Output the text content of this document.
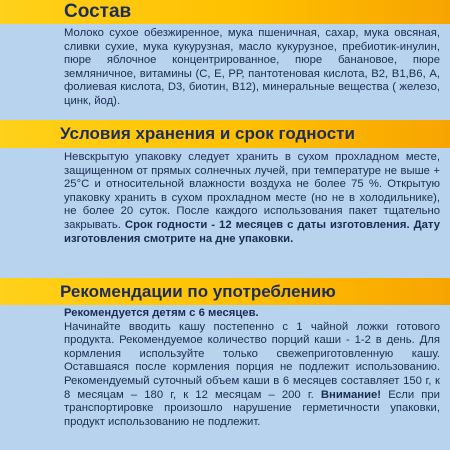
Состав

Молоко сухое обезжиренное, мука пшеничная, сахар, мука овсяная, сливки сухие, мука кукурузная, масло кукурузное, пребиотик-инулин, пюре яблочное концентрированное, пюре банановое, пюре земляничное, витамины (С, Е, РР, пантотеновая кислота, В2, В1,В6, А, фолиевая кислота, D3, биотин, В12), минеральные вещества ( железо, цинк, йод).

Условия хранения и срок годности

Невскрытую упаковку следует хранить в сухом прохладном месте, защищенном от прямых солнечных лучей, при температуре не выше + 25°С и относительной влажности воздуха не более 75 %. Открытую упаковку хранить в сухом прохладном месте (но не в холодильнике), не более 20 суток. После каждого использования пакет тщательно закрывать. Срок годности - 12 месяцев с даты изготовления. Дату изготовления смотрите на дне упаковки.

Рекомендации по употреблению

Рекомендуется детям с 6 месяцев.

Начинайте вводить кашу постепенно с 1 чайной ложки готового продукта. Рекомендуемое количество порций каши - 1-2 в день. Для кормления используйте только свежеприготовленную кашу. Оставшаяся после кормления порция не подлежит использованию. Рекомендуемый суточный объем каши в 6 месяцев составляет 150 г, к 8 месяцам – 180 г, к 12 месяцам – 200 г. Внимание! Если при транспортировке произошло нарушение герметичности упаковки, продукт использованию не подлежит.
